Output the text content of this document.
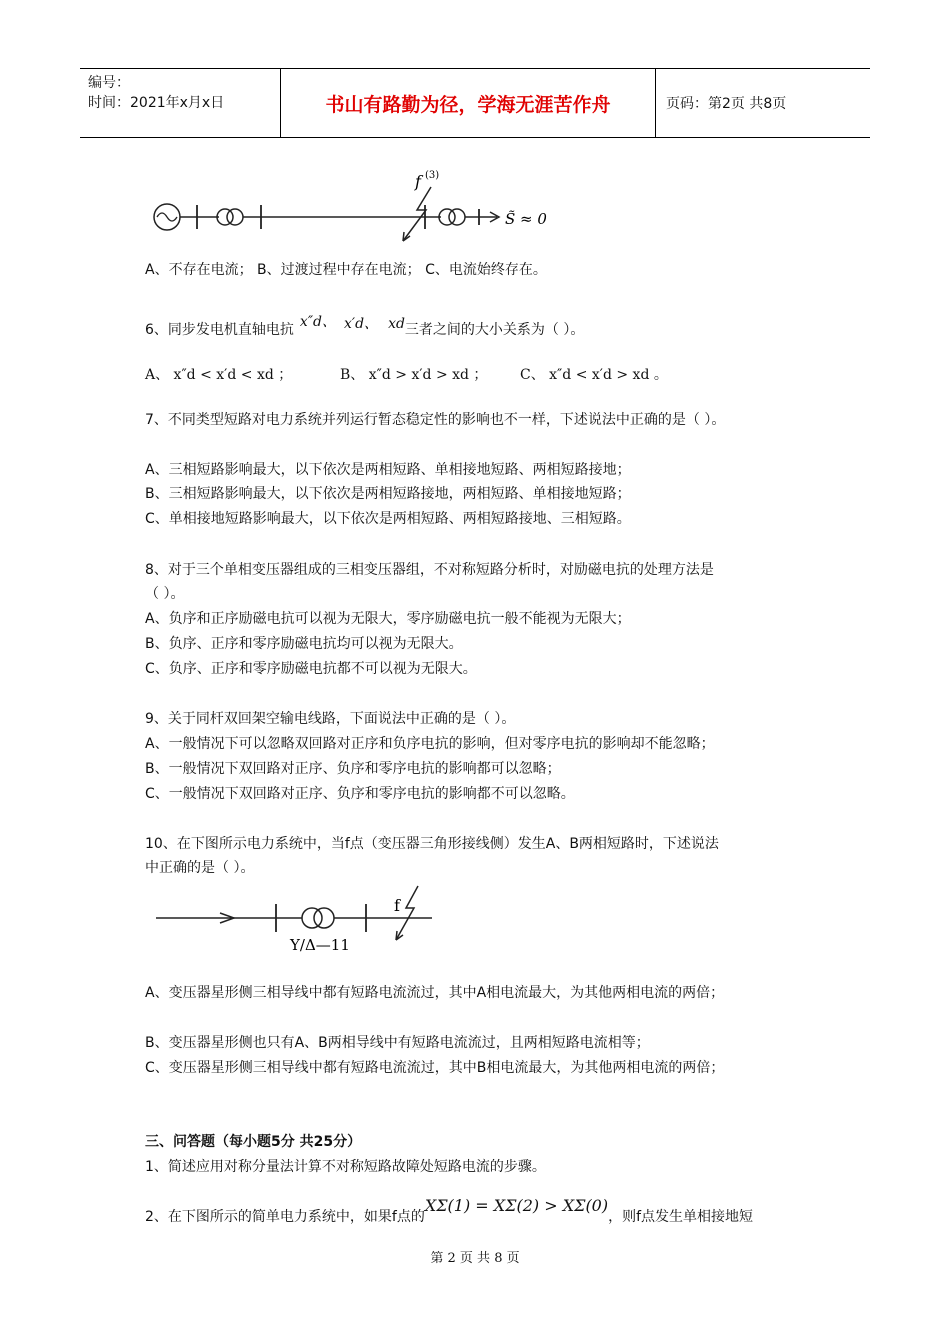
编号：
时间：2021年x月x日	书山有路勤为径，学海无涯苦作舟	页码：第2页 共8页
f (3)
S̃ ≈ 0
A、不存在电流； B、过渡过程中存在电流； C、电流始终存在。
6、同步发电机直轴电抗 x″d、 x′d、 xd三者之间的大小关系为（ ）。
A、 x″d < x′d < xd ；	B、 x″d > x′d > xd ； C、 x″d < x′d > xd 。
7、不同类型短路对电力系统并列运行暂态稳定性的影响也不一样，下述说法中正确的是（ ）。
A、三相短路影响最大，以下依次是两相短路、单相接地短路、两相短路接地；
B、三相短路影响最大，以下依次是两相短路接地，两相短路、单相接地短路；
C、单相接地短路影响最大，以下依次是两相短路、两相短路接地、三相短路。
8、对于三个单相变压器组成的三相变压器组，不对称短路分析时，对励磁电抗的处理方法是
（ ）。
A、负序和正序励磁电抗可以视为无限大，零序励磁电抗一般不能视为无限大；
B、负序、正序和零序励磁电抗均可以视为无限大。
C、负序、正序和零序励磁电抗都不可以视为无限大。
9、关于同杆双回架空输电线路，下面说法中正确的是（ ）。
A、一般情况下可以忽略双回路对正序和负序电抗的影响，但对零序电抗的影响却不能忽略；
B、一般情况下双回路对正序、负序和零序电抗的影响都可以忽略；
C、一般情况下双回路对正序、负序和零序电抗的影响都不可以忽略。
10、在下图所示电力系统中，当f点（变压器三角形接线侧）发生A、B两相短路时，下述说法
中正确的是（ ）。
f
Y/Δ—11
A、变压器星形侧三相导线中都有短路电流流过，其中A相电流最大，为其他两相电流的两倍；
B、变压器星形侧也只有A、B两相导线中有短路电流流过，且两相短路电流相等；
C、变压器星形侧三相导线中都有短路电流流过，其中B相电流最大，为其他两相电流的两倍；
三、问答题（每小题5分 共25分）
1、简述应用对称分量法计算不对称短路故障处短路电流的步骤。
2、在下图所示的简单电力系统中，如果f点的XΣ(1) = XΣ(2) > XΣ(0)，则f点发生单相接地短
第 2 页 共 8 页
